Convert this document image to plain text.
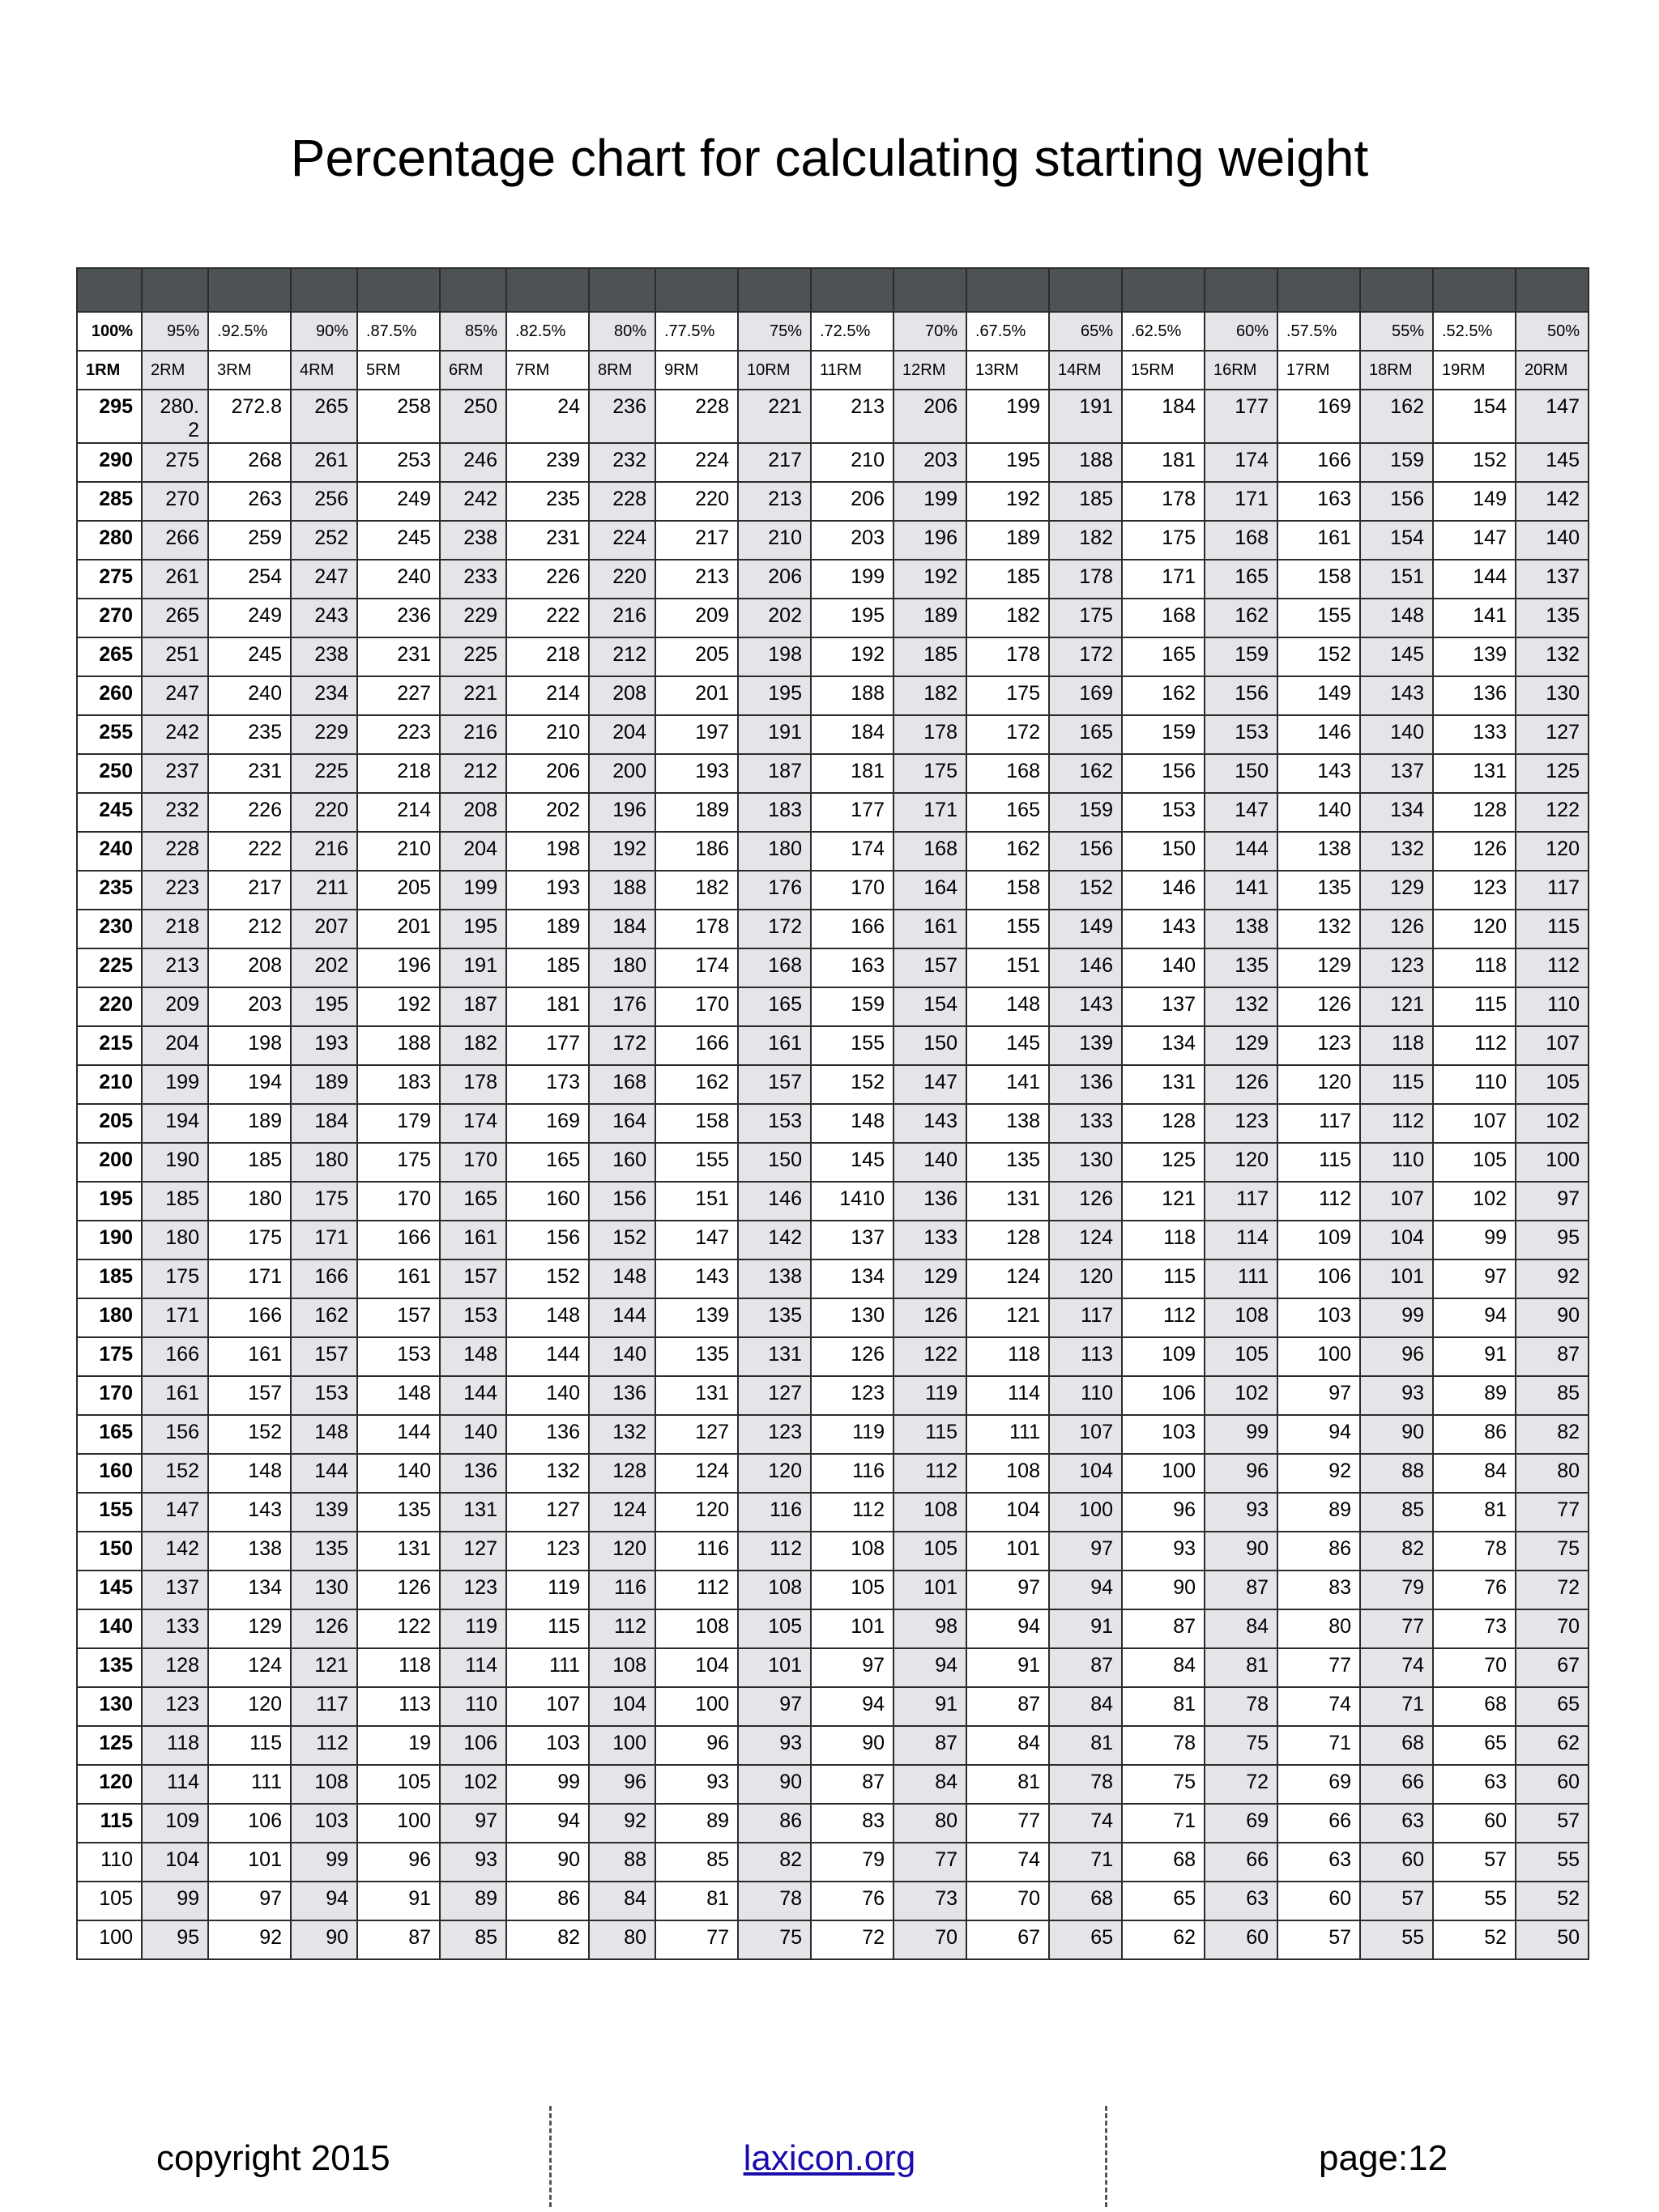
Percentage chart for calculating starting weight

100%	95%	.92.5%	90%	.87.5%	85%	.82.5%	80%	.77.5%	75%	.72.5%	70%	.67.5%	65%	.62.5%	60%	.57.5%	55%	.52.5%	50%
1RM	2RM	3RM	4RM	5RM	6RM	7RM	8RM	9RM	10RM	11RM	12RM	13RM	14RM	15RM	16RM	17RM	18RM	19RM	20RM
295	280.2	272.8	265	258	250	24	236	228	221	213	206	199	191	184	177	169	162	154	147
290	275	268	261	253	246	239	232	224	217	210	203	195	188	181	174	166	159	152	145
285	270	263	256	249	242	235	228	220	213	206	199	192	185	178	171	163	156	149	142
280	266	259	252	245	238	231	224	217	210	203	196	189	182	175	168	161	154	147	140
275	261	254	247	240	233	226	220	213	206	199	192	185	178	171	165	158	151	144	137
270	265	249	243	236	229	222	216	209	202	195	189	182	175	168	162	155	148	141	135
265	251	245	238	231	225	218	212	205	198	192	185	178	172	165	159	152	145	139	132
260	247	240	234	227	221	214	208	201	195	188	182	175	169	162	156	149	143	136	130
255	242	235	229	223	216	210	204	197	191	184	178	172	165	159	153	146	140	133	127
250	237	231	225	218	212	206	200	193	187	181	175	168	162	156	150	143	137	131	125
245	232	226	220	214	208	202	196	189	183	177	171	165	159	153	147	140	134	128	122
240	228	222	216	210	204	198	192	186	180	174	168	162	156	150	144	138	132	126	120
235	223	217	211	205	199	193	188	182	176	170	164	158	152	146	141	135	129	123	117
230	218	212	207	201	195	189	184	178	172	166	161	155	149	143	138	132	126	120	115
225	213	208	202	196	191	185	180	174	168	163	157	151	146	140	135	129	123	118	112
220	209	203	195	192	187	181	176	170	165	159	154	148	143	137	132	126	121	115	110
215	204	198	193	188	182	177	172	166	161	155	150	145	139	134	129	123	118	112	107
210	199	194	189	183	178	173	168	162	157	152	147	141	136	131	126	120	115	110	105
205	194	189	184	179	174	169	164	158	153	148	143	138	133	128	123	117	112	107	102
200	190	185	180	175	170	165	160	155	150	145	140	135	130	125	120	115	110	105	100
195	185	180	175	170	165	160	156	151	146	1410	136	131	126	121	117	112	107	102	97
190	180	175	171	166	161	156	152	147	142	137	133	128	124	118	114	109	104	99	95
185	175	171	166	161	157	152	148	143	138	134	129	124	120	115	111	106	101	97	92
180	171	166	162	157	153	148	144	139	135	130	126	121	117	112	108	103	99	94	90
175	166	161	157	153	148	144	140	135	131	126	122	118	113	109	105	100	96	91	87
170	161	157	153	148	144	140	136	131	127	123	119	114	110	106	102	97	93	89	85
165	156	152	148	144	140	136	132	127	123	119	115	111	107	103	99	94	90	86	82
160	152	148	144	140	136	132	128	124	120	116	112	108	104	100	96	92	88	84	80
155	147	143	139	135	131	127	124	120	116	112	108	104	100	96	93	89	85	81	77
150	142	138	135	131	127	123	120	116	112	108	105	101	97	93	90	86	82	78	75
145	137	134	130	126	123	119	116	112	108	105	101	97	94	90	87	83	79	76	72
140	133	129	126	122	119	115	112	108	105	101	98	94	91	87	84	80	77	73	70
135	128	124	121	118	114	111	108	104	101	97	94	91	87	84	81	77	74	70	67
130	123	120	117	113	110	107	104	100	97	94	91	87	84	81	78	74	71	68	65
125	118	115	112	19	106	103	100	96	93	90	87	84	81	78	75	71	68	65	62
120	114	111	108	105	102	99	96	93	90	87	84	81	78	75	72	69	66	63	60
115	109	106	103	100	97	94	92	89	86	83	80	77	74	71	69	66	63	60	57
110	104	101	99	96	93	90	88	85	82	79	77	74	71	68	66	63	60	57	55
105	99	97	94	91	89	86	84	81	78	76	73	70	68	65	63	60	57	55	52
100	95	92	90	87	85	82	80	77	75	72	70	67	65	62	60	57	55	52	50
copyright 2015	laxicon.org	page:12
